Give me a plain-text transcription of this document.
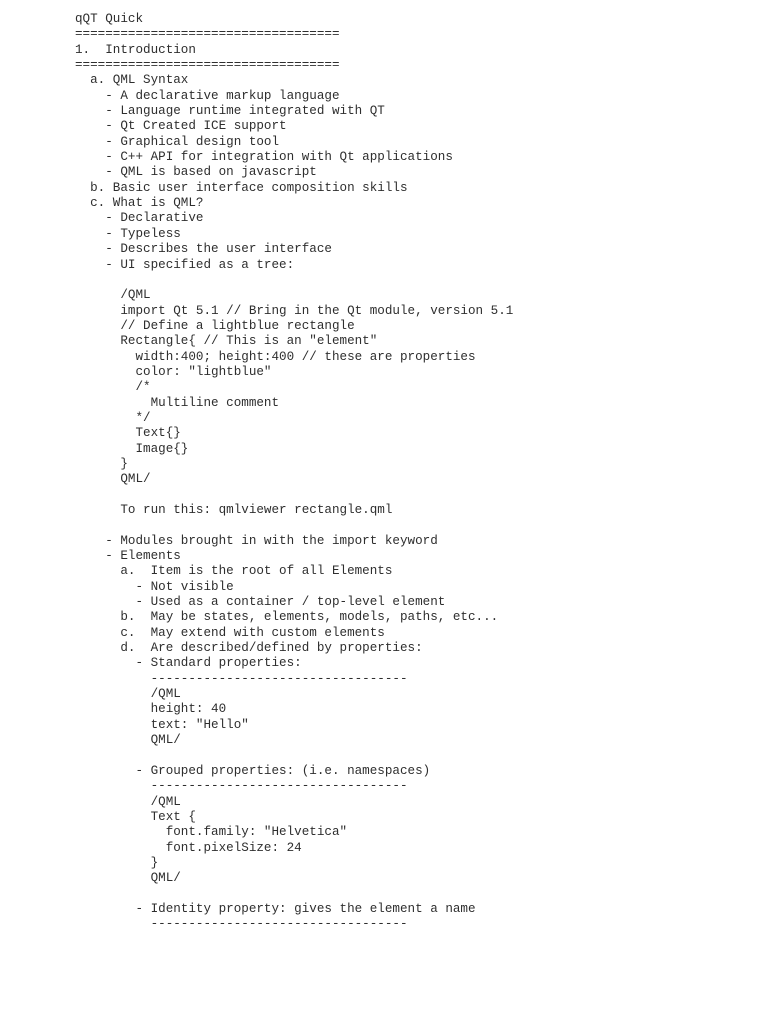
qQT Quick
===================================
1.  Introduction
===================================
a. QML Syntax
- A declarative markup language
- Language runtime integrated with QT
- Qt Created ICE support
- Graphical design tool
- C++ API for integration with Qt applications
- QML is based on javascript
b. Basic user interface composition skills
c. What is QML?
- Declarative
- Typeless
- Describes the user interface
- UI specified as a tree:
/QML
import Qt 5.1 // Bring in the Qt module, version 5.1
// Define a lightblue rectangle
Rectangle{ // This is an "element"
width:400; height:400 // these are properties
color: "lightblue"
/*
Multiline comment
*/
Text{}
Image{}
}
QML/
To run this: qmlviewer rectangle.qml
- Modules brought in with the import keyword
- Elements
a.  Item is the root of all Elements
- Not visible
- Used as a container / top-level element
b.  May be states, elements, models, paths, etc...
c.  May extend with custom elements
d.  Are described/defined by properties:
- Standard properties:
----------------------------------
/QML
height: 40
text: "Hello"
QML/
- Grouped properties: (i.e. namespaces)
----------------------------------
/QML
Text {
font.family: "Helvetica"
font.pixelSize: 24
}
QML/
- Identity property: gives the element a name
----------------------------------
